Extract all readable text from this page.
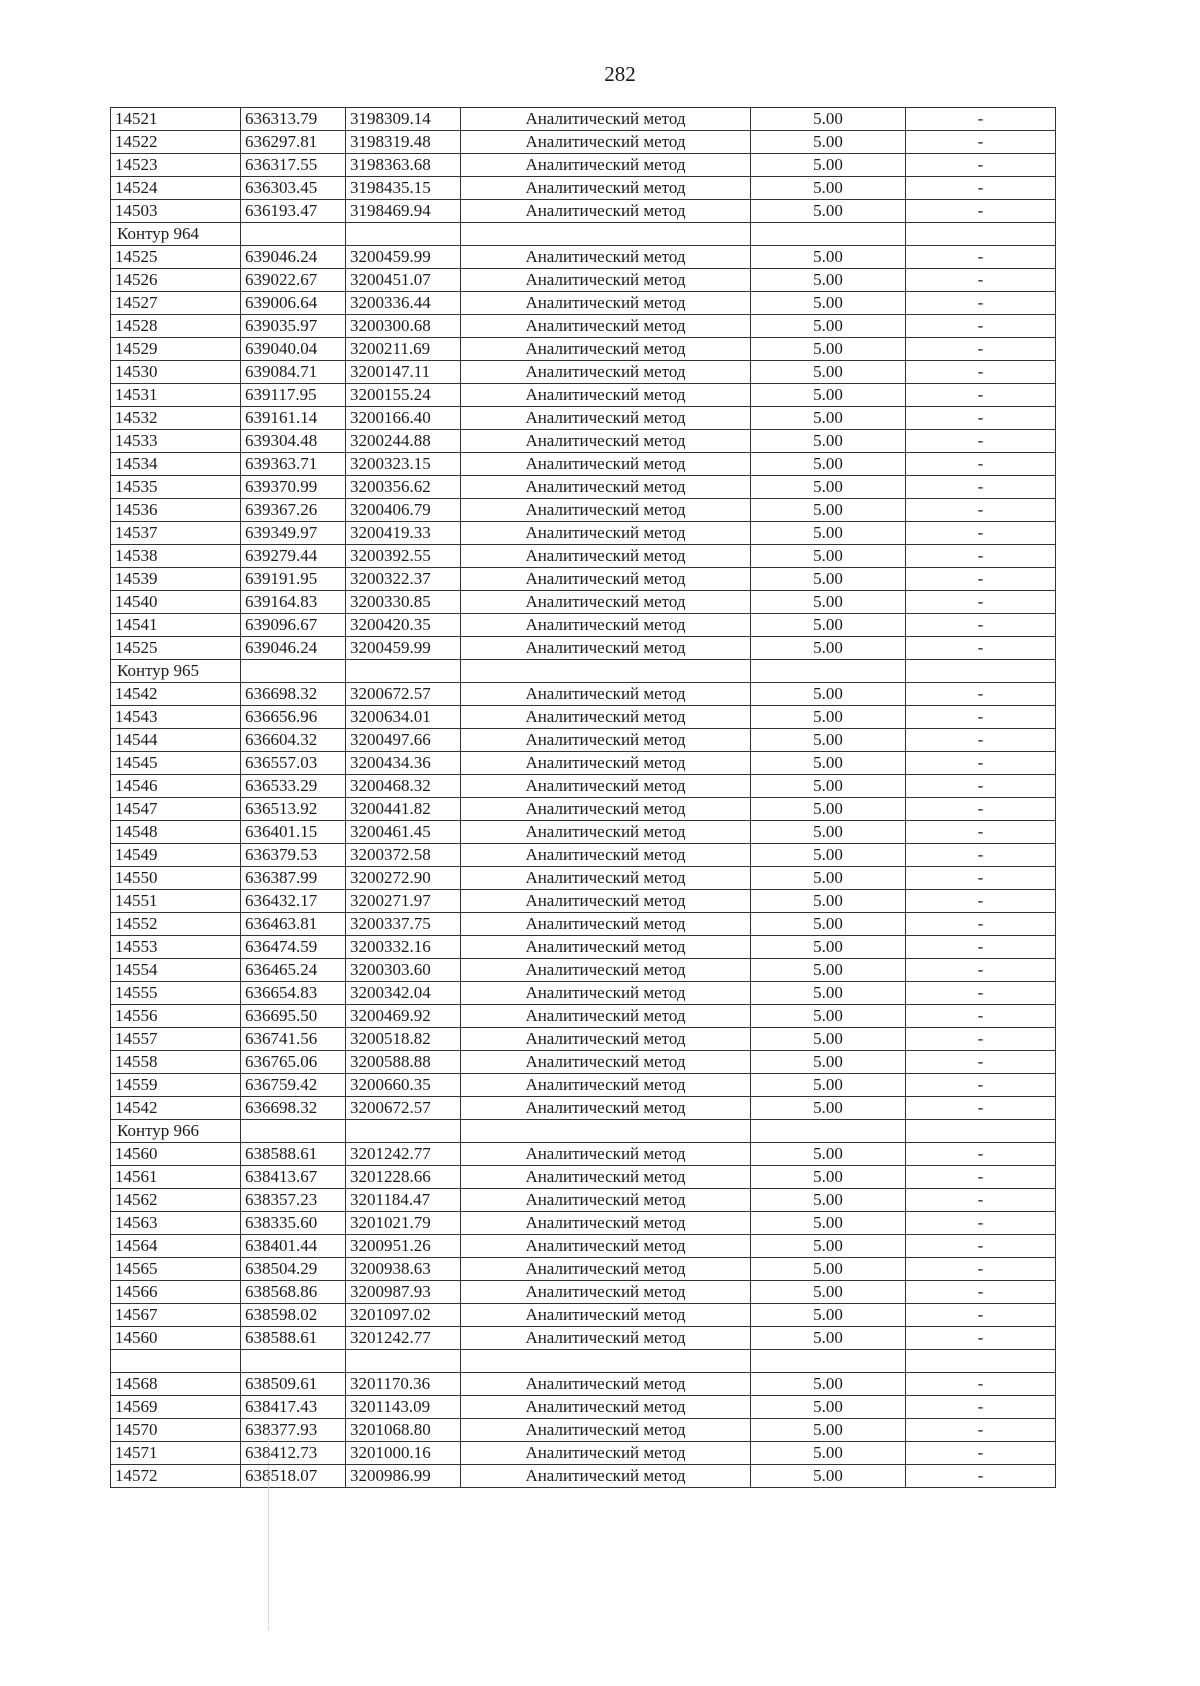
282
14521	636313.79	3198309.14	Аналитический метод	5.00	-
14522	636297.81	3198319.48	Аналитический метод	5.00	-
14523	636317.55	3198363.68	Аналитический метод	5.00	-
14524	636303.45	3198435.15	Аналитический метод	5.00	-
14503	636193.47	3198469.94	Аналитический метод	5.00	-
Контур 964					
14525	639046.24	3200459.99	Аналитический метод	5.00	-
14526	639022.67	3200451.07	Аналитический метод	5.00	-
14527	639006.64	3200336.44	Аналитический метод	5.00	-
14528	639035.97	3200300.68	Аналитический метод	5.00	-
14529	639040.04	3200211.69	Аналитический метод	5.00	-
14530	639084.71	3200147.11	Аналитический метод	5.00	-
14531	639117.95	3200155.24	Аналитический метод	5.00	-
14532	639161.14	3200166.40	Аналитический метод	5.00	-
14533	639304.48	3200244.88	Аналитический метод	5.00	-
14534	639363.71	3200323.15	Аналитический метод	5.00	-
14535	639370.99	3200356.62	Аналитический метод	5.00	-
14536	639367.26	3200406.79	Аналитический метод	5.00	-
14537	639349.97	3200419.33	Аналитический метод	5.00	-
14538	639279.44	3200392.55	Аналитический метод	5.00	-
14539	639191.95	3200322.37	Аналитический метод	5.00	-
14540	639164.83	3200330.85	Аналитический метод	5.00	-
14541	639096.67	3200420.35	Аналитический метод	5.00	-
14525	639046.24	3200459.99	Аналитический метод	5.00	-
Контур 965					
14542	636698.32	3200672.57	Аналитический метод	5.00	-
14543	636656.96	3200634.01	Аналитический метод	5.00	-
14544	636604.32	3200497.66	Аналитический метод	5.00	-
14545	636557.03	3200434.36	Аналитический метод	5.00	-
14546	636533.29	3200468.32	Аналитический метод	5.00	-
14547	636513.92	3200441.82	Аналитический метод	5.00	-
14548	636401.15	3200461.45	Аналитический метод	5.00	-
14549	636379.53	3200372.58	Аналитический метод	5.00	-
14550	636387.99	3200272.90	Аналитический метод	5.00	-
14551	636432.17	3200271.97	Аналитический метод	5.00	-
14552	636463.81	3200337.75	Аналитический метод	5.00	-
14553	636474.59	3200332.16	Аналитический метод	5.00	-
14554	636465.24	3200303.60	Аналитический метод	5.00	-
14555	636654.83	3200342.04	Аналитический метод	5.00	-
14556	636695.50	3200469.92	Аналитический метод	5.00	-
14557	636741.56	3200518.82	Аналитический метод	5.00	-
14558	636765.06	3200588.88	Аналитический метод	5.00	-
14559	636759.42	3200660.35	Аналитический метод	5.00	-
14542	636698.32	3200672.57	Аналитический метод	5.00	-
Контур 966					
14560	638588.61	3201242.77	Аналитический метод	5.00	-
14561	638413.67	3201228.66	Аналитический метод	5.00	-
14562	638357.23	3201184.47	Аналитический метод	5.00	-
14563	638335.60	3201021.79	Аналитический метод	5.00	-
14564	638401.44	3200951.26	Аналитический метод	5.00	-
14565	638504.29	3200938.63	Аналитический метод	5.00	-
14566	638568.86	3200987.93	Аналитический метод	5.00	-
14567	638598.02	3201097.02	Аналитический метод	5.00	-
14560	638588.61	3201242.77	Аналитический метод	5.00	-

14568	638509.61	3201170.36	Аналитический метод	5.00	-
14569	638417.43	3201143.09	Аналитический метод	5.00	-
14570	638377.93	3201068.80	Аналитический метод	5.00	-
14571	638412.73	3201000.16	Аналитический метод	5.00	-
14572	638518.07	3200986.99	Аналитический метод	5.00	-
